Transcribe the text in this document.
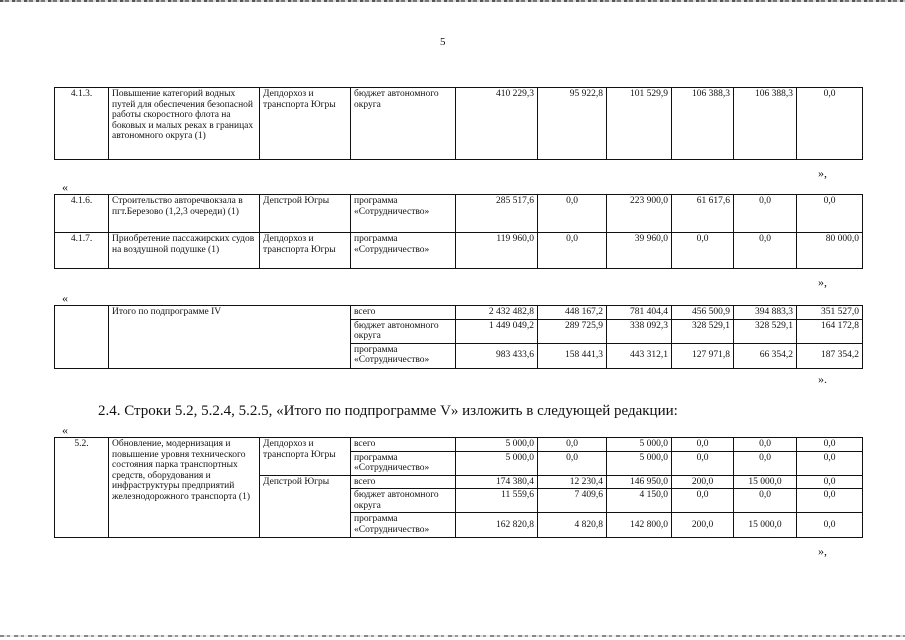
5
4.1.3.	Повышение категорий водных путей для обеспечения безопасной работы скоростного флота на боковых и малых реках в границах автономного округа (1)	Депдорхоз и транспорта Югры	бюджет автономного округа	410 229,3	95 922,8	101 529,9	106 388,3	106 388,3	0,0
»,
«
4.1.6.	Строительство автоpечвокзала в пгт.Березово (1,2,3 очереди) (1)	Депстрой Югры	программа «Сотрудничество»	285 517,6	0,0	223 900,0	61 617,6	0,0	0,0
4.1.7.	Приобретение пассажирских судов на воздушной подушке (1)	Депдорхоз и транспорта Югры	программа «Сотрудничество»	119 960,0	0,0	39 960,0	0,0	0,0	80 000,0
»,
«
	Итого по подпрограмме IV	всего	2 432 482,8	448 167,2	781 404,4	456 500,9	394 883,3	351 527,0
		бюджет автономного округа	1 449 049,2	289 725,9	338 092,3	328 529,1	328 529,1	164 172,8
		программа «Сотрудничество»	983 433,6	158 441,3	443 312,1	127 971,8	66 354,2	187 354,2
».
2.4. Строки 5.2, 5.2.4, 5.2.5, «Итого по подпрограмме V» изложить в следующей редакции:
«
5.2.	Обновление, модернизация и повышение уровня технического состояния парка транспортных средств, оборудования и инфраструктуры предприятий железнодорожного транспорта (1)	Депдорхоз и транспорта Югры	всего	5 000,0	0,0	5 000,0	0,0	0,0	0,0
			программа «Сотрудничество»	5 000,0	0,0	5 000,0	0,0	0,0	0,0
		Депстрой Югры	всего	174 380,4	12 230,4	146 950,0	200,0	15 000,0	0,0
			бюджет автономного округа	11 559,6	7 409,6	4 150,0	0,0	0,0	0,0
			программа «Сотрудничество»	162 820,8	4 820,8	142 800,0	200,0	15 000,0	0,0
»,
